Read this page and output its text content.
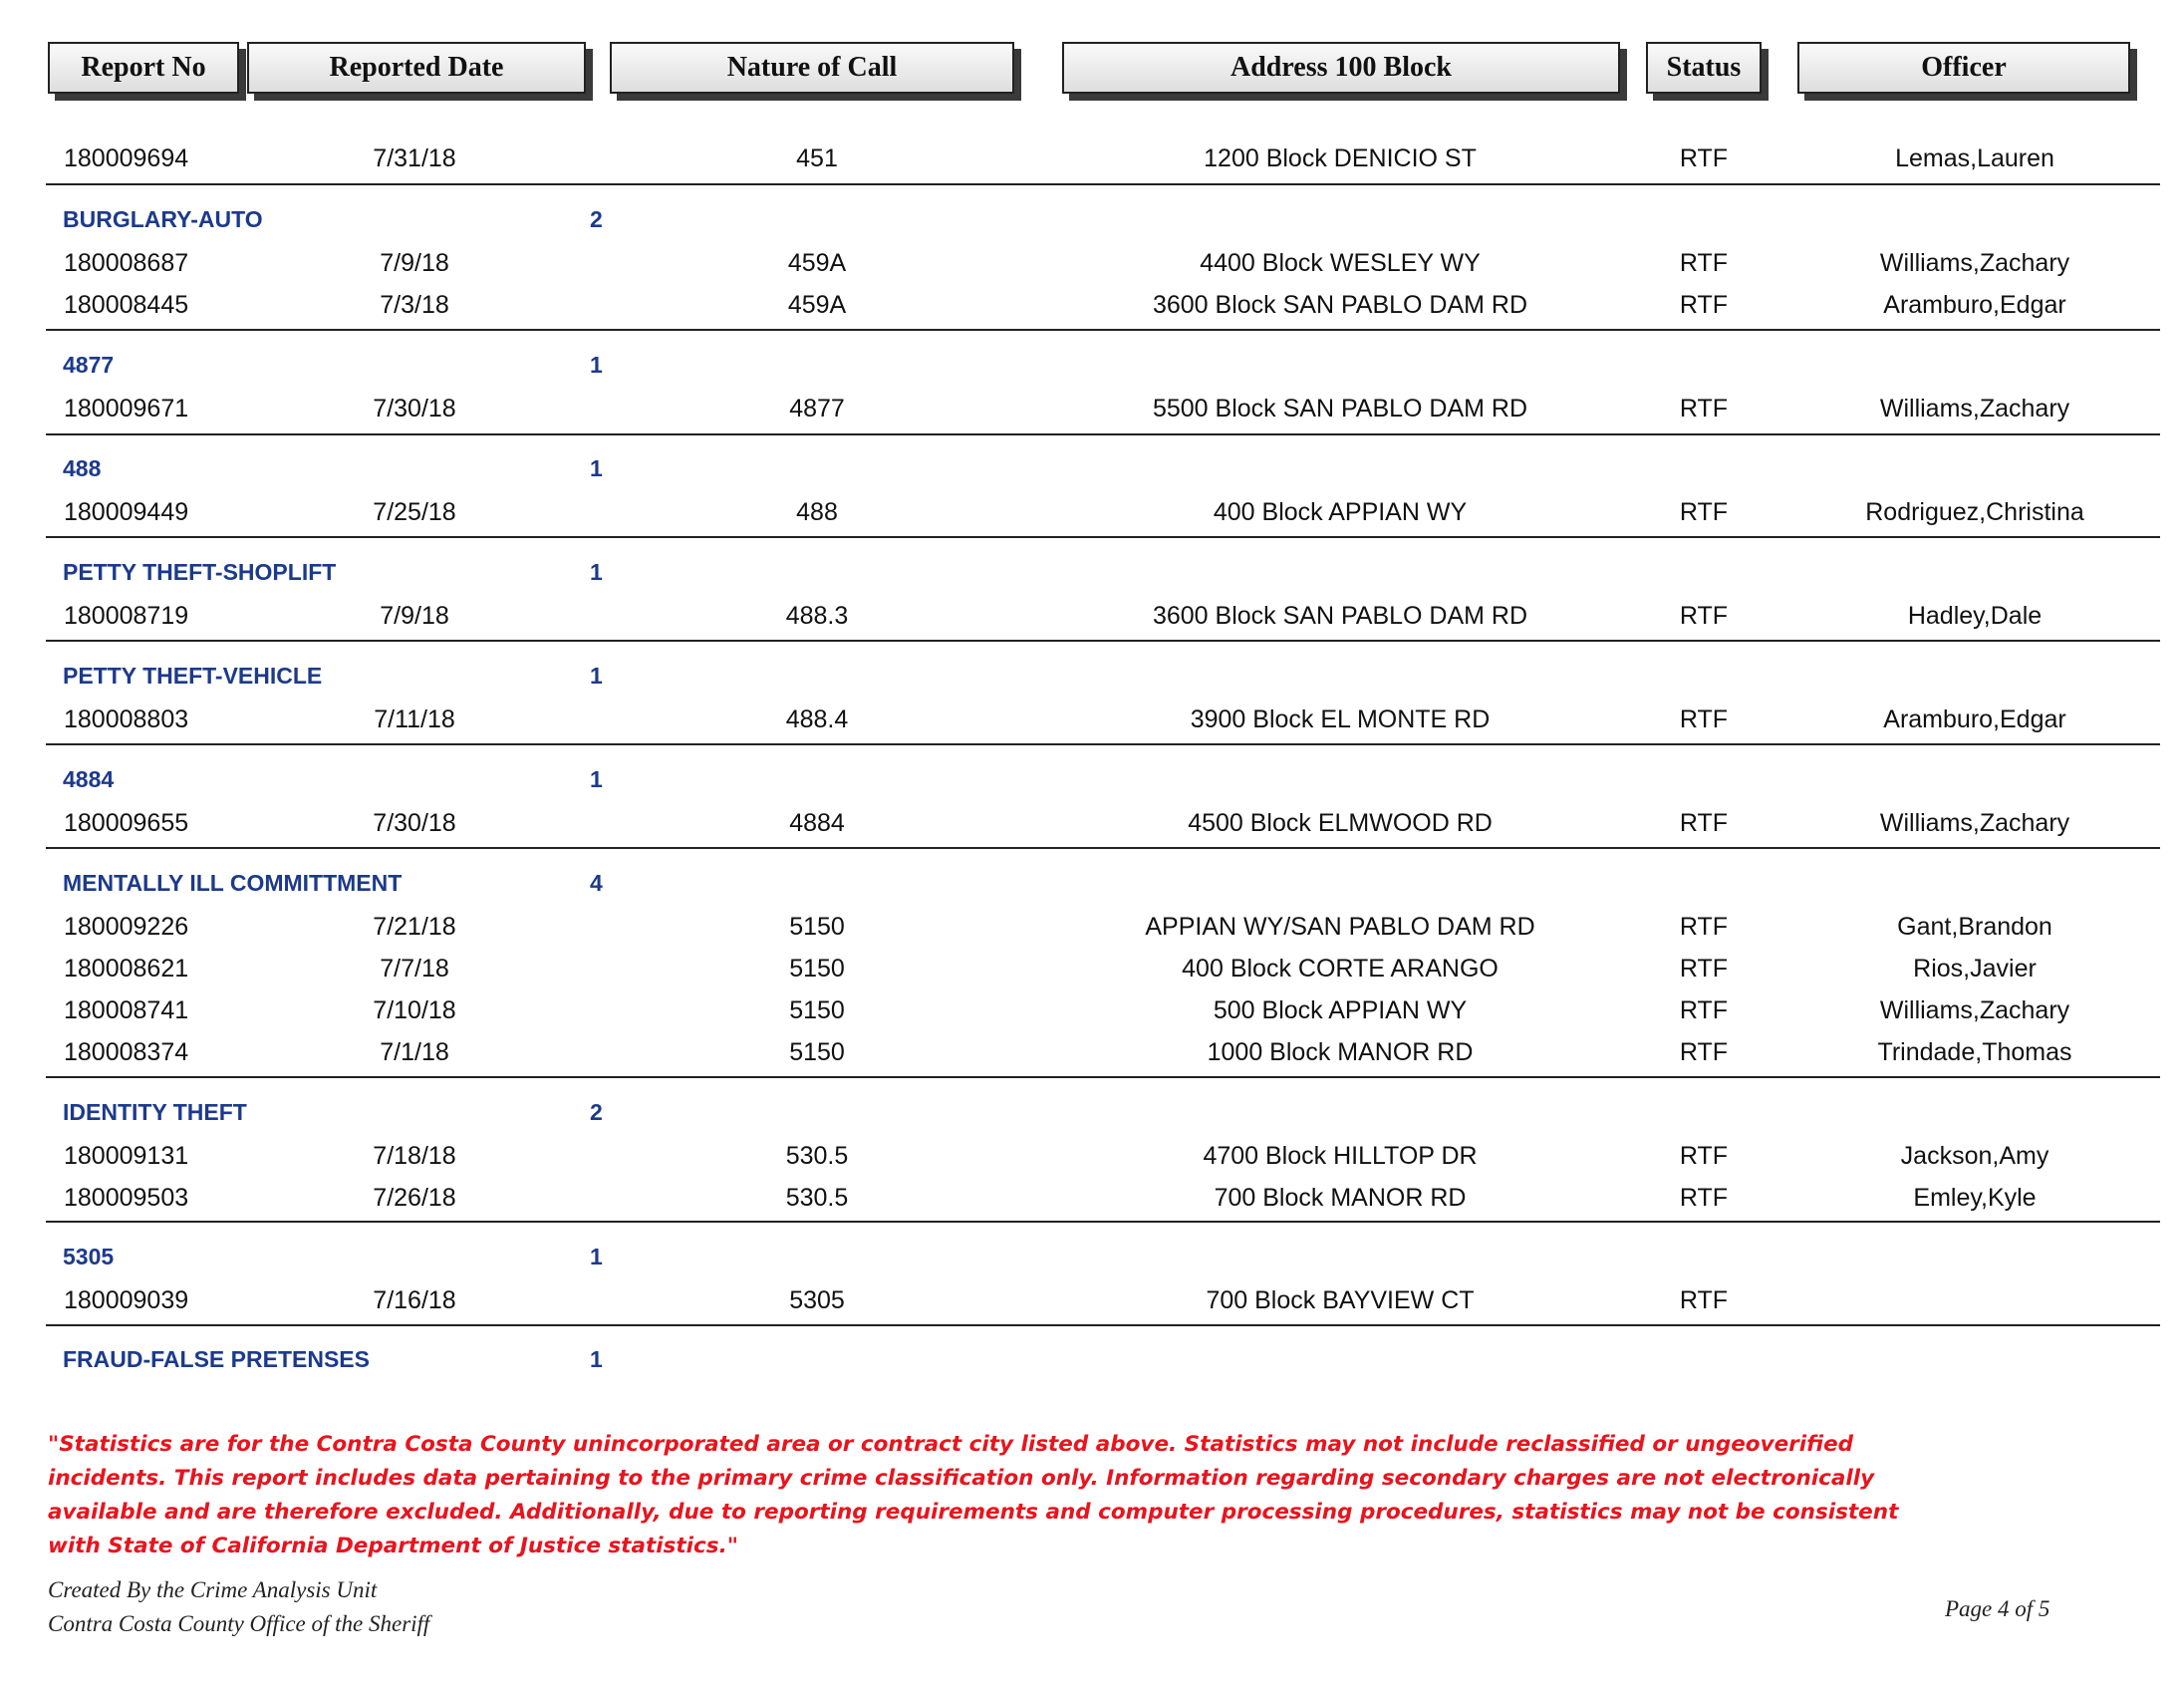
Report No	Reported Date	Nature of Call	Address 100 Block	Status	Officer
180009694	7/31/18	451	1200 Block DENICIO ST	RTF	Lemas,Lauren
BURGLARY-AUTO	2
180008687	7/9/18	459A	4400 Block WESLEY WY	RTF	Williams,Zachary
180008445	7/3/18	459A	3600 Block SAN PABLO DAM RD	RTF	Aramburo,Edgar
4877	1
180009671	7/30/18	4877	5500 Block SAN PABLO DAM RD	RTF	Williams,Zachary
488	1
180009449	7/25/18	488	400 Block APPIAN WY	RTF	Rodriguez,Christina
PETTY THEFT-SHOPLIFT	1
180008719	7/9/18	488.3	3600 Block SAN PABLO DAM RD	RTF	Hadley,Dale
PETTY THEFT-VEHICLE	1
180008803	7/11/18	488.4	3900 Block EL MONTE RD	RTF	Aramburo,Edgar
4884	1
180009655	7/30/18	4884	4500 Block ELMWOOD RD	RTF	Williams,Zachary
MENTALLY ILL COMMITTMENT	4
180009226	7/21/18	5150	APPIAN WY/SAN PABLO DAM RD	RTF	Gant,Brandon
180008621	7/7/18	5150	400 Block CORTE ARANGO	RTF	Rios,Javier
180008741	7/10/18	5150	500 Block APPIAN WY	RTF	Williams,Zachary
180008374	7/1/18	5150	1000 Block MANOR RD	RTF	Trindade,Thomas
IDENTITY THEFT	2
180009131	7/18/18	530.5	4700 Block HILLTOP DR	RTF	Jackson,Amy
180009503	7/26/18	530.5	700 Block MANOR RD	RTF	Emley,Kyle
5305	1
180009039	7/16/18	5305	700 Block BAYVIEW CT	RTF
FRAUD-FALSE PRETENSES	1
"Statistics are for the Contra Costa County unincorporated area or contract city listed above. Statistics may not include reclassified or ungeoverified
incidents. This report includes data pertaining to the primary crime classification only. Information regarding secondary charges are not electronically
available and are therefore excluded. Additionally, due to reporting requirements and computer processing procedures, statistics may not be consistent
with State of California Department of Justice statistics."
Created By the Crime Analysis Unit
Contra Costa County Office of the Sheriff
Page 4 of 5
